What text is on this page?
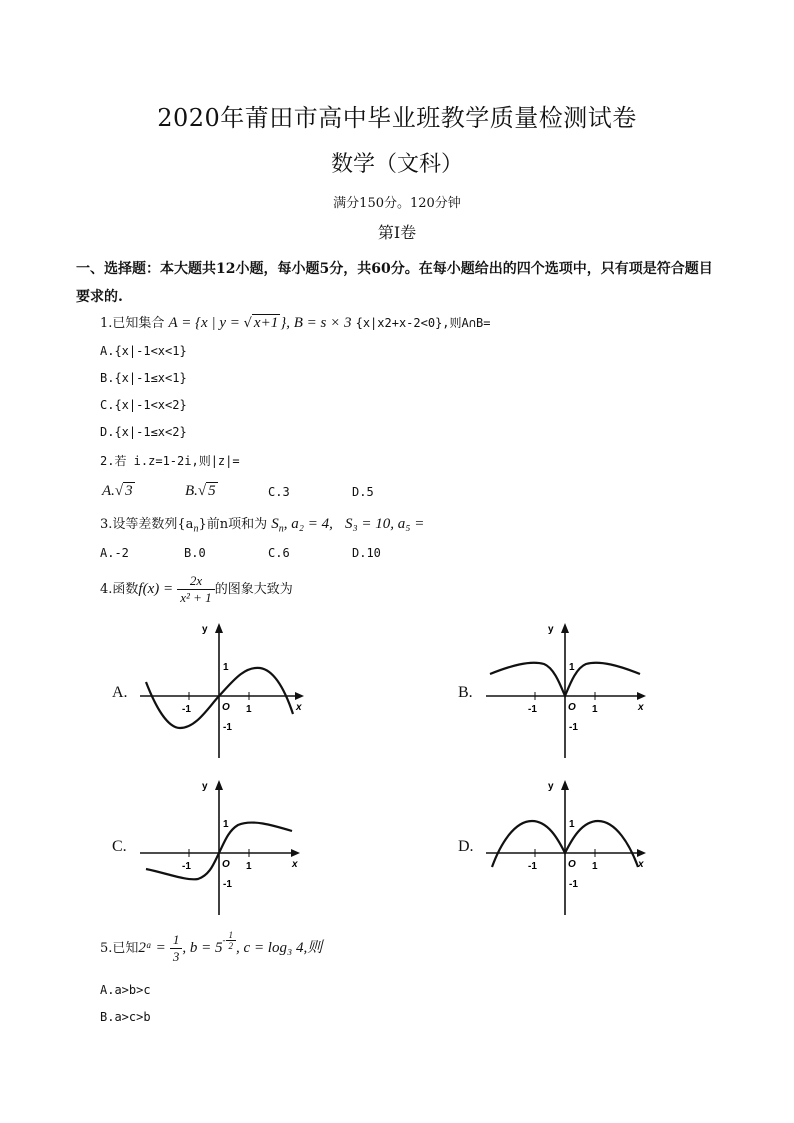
2020年莆田市高中毕业班教学质量检测试卷
数学（文科）
满分150分。120分钟
第Ⅰ卷
一、选择题：本大题共12小题，每小题5分，共60分。在每小题给出的四个选项中，只有项是符合题目要求的.
1.已知集合 A = {x | y = √ x+1 }, B = s × 3 {x|x2+x-2<0},则A∩B=
A.{x|-1<x<1}
B.{x|-1≤x<1}
C.{x|-1<x<2}
D.{x|-1≤x<2}
2.若 i.z=1-2i,则|z|=
A.√ 3	B.√ 5	C.3	D.5
3.设等差数列$\{a_n\}$前n项和为 $S_n$, a₂ = 4, S₃ = 10, a₅ =
A.-2	B.0	C.6	D.10
4.函数$f(x) = \frac{2x}{\text{x² + 1}}$ 的图象大致为
A.	B.
C.	D.
y
x
O
-1	1
1
-1
y
x
O
-1	1
1
-1
y
x
O
-1	1
1
-1
y
x
O
-1	1
1
-1
5.已知2ᵃ = $\frac{1}{3}$ , $b = 5^{- \frac{1}{2}}$ , c = log₃ 4,则
A.a>b>c
B.a>c>b
